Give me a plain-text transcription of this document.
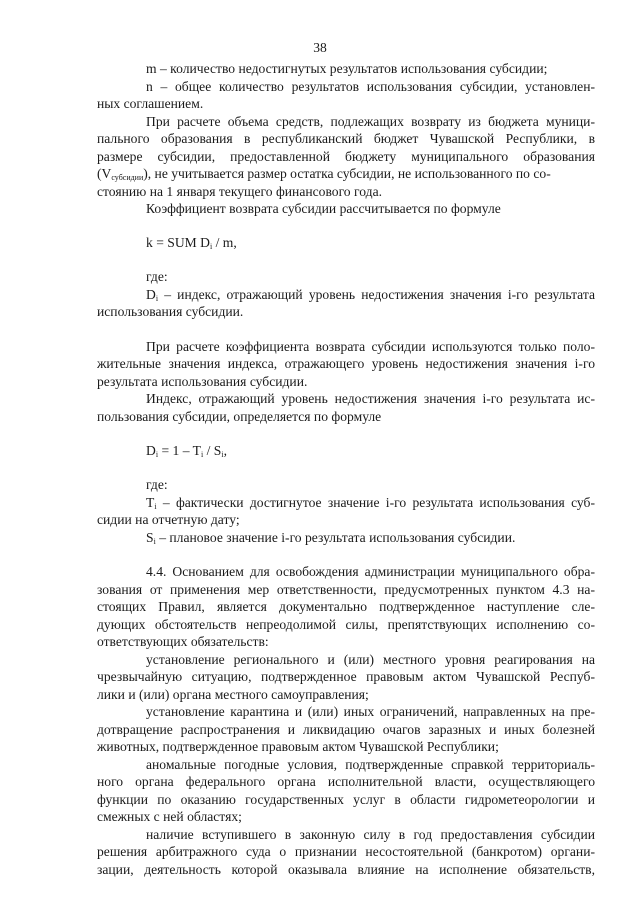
38
m – количество недостигнутых результатов использования субсидии;
n – общее количество результатов использования субсидии, установлен-
ных соглашением.
При расчете объема средств, подлежащих возврату из бюджета муници-
пального образования в республиканский бюджет Чувашской Республики, в
размере субсидии, предоставленной бюджету муниципального образования
$(V_{субсидии})$, не учитывается размер остатка субсидии, не использованного по со-
стоянию на 1 января текущего финансового года.
Коэффициент возврата субсидии рассчитывается по формуле
k = SUM $D_i$ / m,
где:
$D_i$ – индекс, отражающий уровень недостижения значения i-го результата
использования субсидии.
При расчете коэффициента возврата субсидии используются только поло-
жительные значения индекса, отражающего уровень недостижения значения i-го
результата использования субсидии.
Индекс, отражающий уровень недостижения значения i-го результата ис-
пользования субсидии, определяется по формуле
$D_i = 1 - T_i / S_i$,
где:
$T_i$ – фактически достигнутое значение i-го результата использования суб-
сидии на отчетную дату;
$S_i$ – плановое значение i-го результата использования субсидии.
4.4. Основанием для освобождения администрации муниципального обра-
зования от применения мер ответственности, предусмотренных пунктом 4.3 на-
стоящих Правил, является документально подтвержденное наступление сле-
дующих обстоятельств непреодолимой силы, препятствующих исполнению со-
ответствующих обязательств:
установление регионального и (или) местного уровня реагирования на
чрезвычайную ситуацию, подтвержденное правовым актом Чувашской Респуб-
лики и (или) органа местного самоуправления;
установление карантина и (или) иных ограничений, направленных на пре-
дотвращение распространения и ликвидацию очагов заразных и иных болезней
животных, подтвержденное правовым актом Чувашской Республики;
аномальные погодные условия, подтвержденные справкой территориаль-
ного органа федерального органа исполнительной власти, осуществляющего
функции по оказанию государственных услуг в области гидрометеорологии и
смежных с ней областях;
наличие вступившего в законную силу в год предоставления субсидии
решения арбитражного суда о признании несостоятельной (банкротом) органи-
зации, деятельность которой оказывала влияние на исполнение обязательств,
